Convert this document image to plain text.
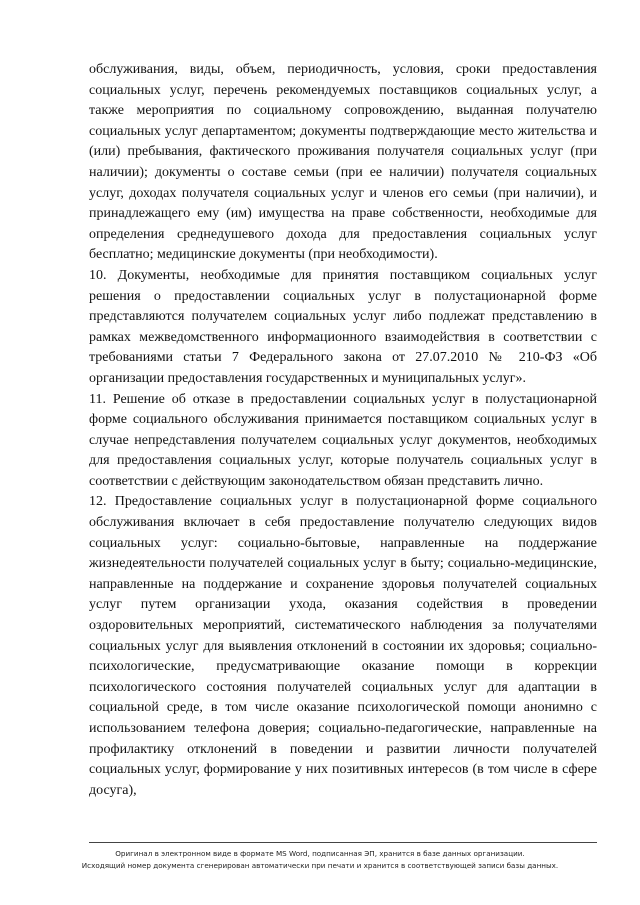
обслуживания, виды, объем, периодичность, условия, сроки предоставления социальных услуг, перечень рекомендуемых поставщиков социальных услуг, а также мероприятия по социальному сопровождению, выданная получателю социальных услуг департаментом; документы подтверждающие место жительства и (или) пребывания, фактического проживания получателя социальных услуг (при наличии); документы о составе семьи (при ее наличии) получателя социальных услуг, доходах получателя социальных услуг и членов его семьи (при наличии), и принадлежащего ему (им) имущества на праве собственности, необходимые для определения среднедушевого дохода для предоставления социальных услуг бесплатно; медицинские документы (при необходимости).

10. Документы, необходимые для принятия поставщиком социальных услуг решения о предоставлении социальных услуг в полустационарной форме представляются получателем социальных услуг либо подлежат представлению в рамках межведомственного информационного взаимодействия в соответствии с требованиями статьи 7 Федерального закона от 27.07.2010 № 210-ФЗ «Об организации предоставления государственных и муниципальных услуг».

11. Решение об отказе в предоставлении социальных услуг в полустационарной форме социального обслуживания принимается поставщиком социальных услуг в случае непредставления получателем социальных услуг документов, необходимых для предоставления социальных услуг, которые получатель социальных услуг в соответствии с действующим законодательством обязан представить лично.

12. Предоставление социальных услуг в полустационарной форме социального обслуживания включает в себя предоставление получателю следующих видов социальных услуг: социально-бытовые, направленные на поддержание жизнедеятельности получателей социальных услуг в быту; социально-медицинские, направленные на поддержание и сохранение здоровья получателей социальных услуг путем организации ухода, оказания содействия в проведении оздоровительных мероприятий, систематического наблюдения за получателями социальных услуг для выявления отклонений в состоянии их здоровья; социально-психологические, предусматривающие оказание помощи в коррекции психологического состояния получателей социальных услуг для адаптации в социальной среде, в том числе оказание психологической помощи анонимно с использованием телефона доверия; социально-педагогические, направленные на профилактику отклонений в поведении и развитии личности получателей социальных услуг, формирование у них позитивных интересов (в том числе в сфере досуга),

Оригинал в электронном виде в формате MS Word, подписанная ЭП, хранится в базе данных организации.
Исходящий номер документа сгенерирован автоматически при печати и хранится в соответствующей записи базы данных.
